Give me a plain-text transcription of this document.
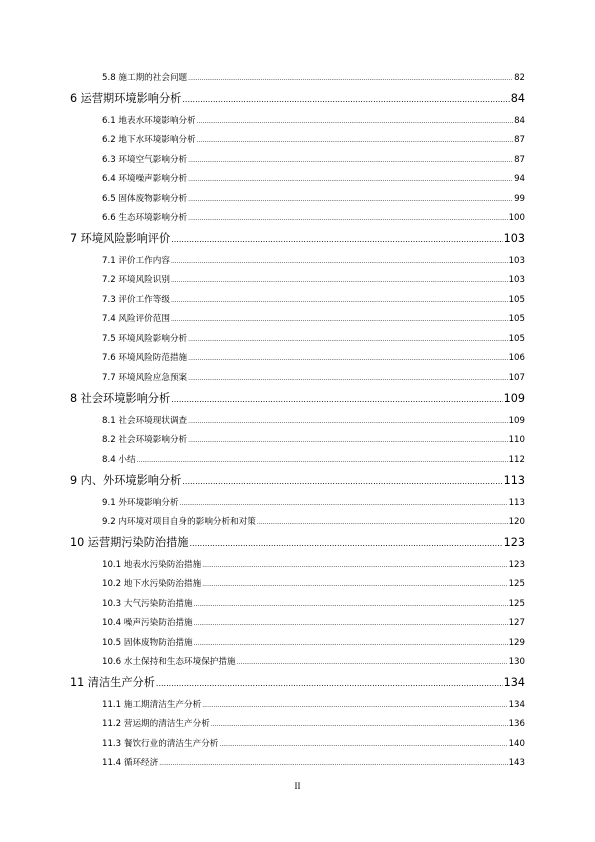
5.8 施工期的社会问题 .....	82
6 运营期环境影响分析 .....	84
6.1 地表水环境影响分析 .....	84
6.2 地下水环境影响分析 .....	87
6.3 环境空气影响分析 .....	87
6.4 环境噪声影响分析 .....	94
6.5 固体废物影响分析 .....	99
6.6 生态环境影响分析 .....	100
7 环境风险影响评价 .....	103
7.1 评价工作内容 .....	103
7.2 环境风险识别 .....	103
7.3 评价工作等级 .....	105
7.4 风险评价范围 .....	105
7.5 环境风险影响分析 .....	105
7.6 环境风险防范措施 .....	106
7.7 环境风险应急预案 .....	107
8 社会环境影响分析 .....	109
8.1 社会环境现状调查 .....	109
8.2 社会环境影响分析 .....	110
8.4 小结 .....	112
9 内、外环境影响分析 .....	113
9.1 外环境影响分析 .....	113
9.2 内环境对项目自身的影响分析和对策 .....	120
10 运营期污染防治措施 .....	123
10.1 地表水污染防治措施 .....	123
10.2 地下水污染防治措施 .....	125
10.3 大气污染防治措施 .....	125
10.4 噪声污染防治措施 .....	127
10.5 固体废物防治措施 .....	129
10.6 水土保持和生态环境保护措施 .....	130
11 清洁生产分析 .....	134
11.1 施工期清洁生产分析 .....	134
11.2 营运期的清洁生产分析 .....	136
11.3 餐饮行业的清洁生产分析 .....	140
11.4 循环经济 .....	143
II
